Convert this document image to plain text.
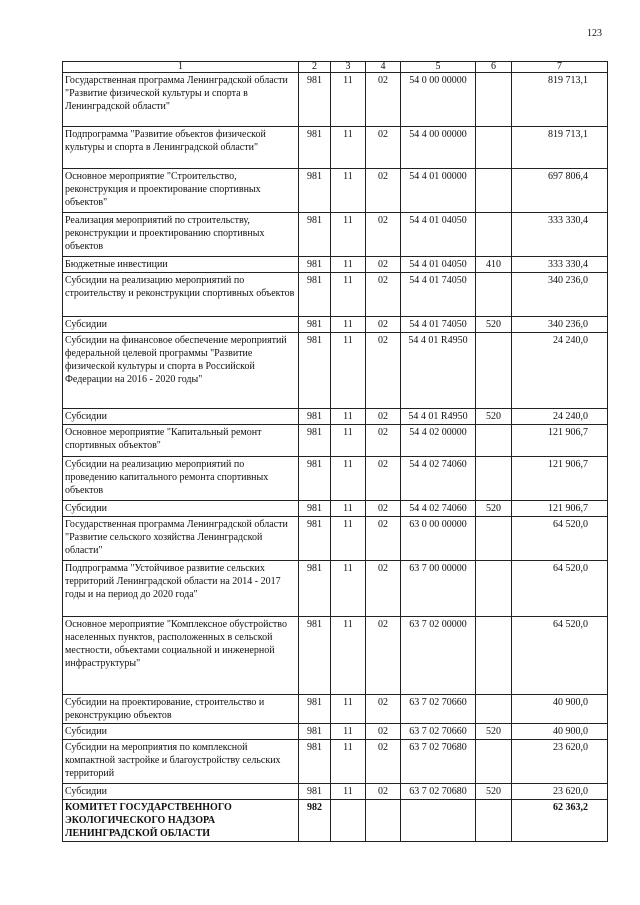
123
1	2	3	4	5	6	7
Государственная программа Ленинградской области "Развитие физической культуры и спорта в Ленинградской области"	981	11	02	54 0 00 00000		819 713,1
Подпрограмма "Развитие объектов физической культуры и спорта в Ленинградской области"	981	11	02	54 4 00 00000		819 713,1
Основное мероприятие "Строительство, реконструкция и проектирование спортивных объектов"	981	11	02	54 4 01 00000		697 806,4
Реализация мероприятий по строительству, реконструкции и проектированию спортивных объектов	981	11	02	54 4 01 04050		333 330,4
Бюджетные инвестиции	981	11	02	54 4 01 04050	410	333 330,4
Субсидии на реализацию мероприятий по строительству и реконструкции спортивных объектов	981	11	02	54 4 01 74050		340 236,0
Субсидии	981	11	02	54 4 01 74050	520	340 236,0
Субсидии на финансовое обеспечение мероприятий федеральной целевой программы "Развитие физической культуры и спорта в Российской Федерации на 2016 - 2020 годы"	981	11	02	54 4 01 R4950		24 240,0
Субсидии	981	11	02	54 4 01 R4950	520	24 240,0
Основное мероприятие "Капитальный ремонт спортивных объектов"	981	11	02	54 4 02 00000		121 906,7
Субсидии на реализацию мероприятий по проведению капитального ремонта спортивных объектов	981	11	02	54 4 02 74060		121 906,7
Субсидии	981	11	02	54 4 02 74060	520	121 906,7
Государственная программа Ленинградской области "Развитие сельского хозяйства Ленинградской области"	981	11	02	63 0 00 00000		64 520,0
Подпрограмма "Устойчивое развитие сельских территорий Ленинградской области на 2014 - 2017 годы и на период до 2020 года"	981	11	02	63 7 00 00000		64 520,0
Основное мероприятие "Комплексное обустройство населенных пунктов, расположенных в сельской местности, объектами социальной и инженерной инфраструктуры"	981	11	02	63 7 02 00000		64 520,0
Субсидии на проектирование, строительство и реконструкцию объектов	981	11	02	63 7 02 70660		40 900,0
Субсидии	981	11	02	63 7 02 70660	520	40 900,0
Субсидии на мероприятия по комплексной компактной застройке и благоустройству сельских территорий	981	11	02	63 7 02 70680		23 620,0
Субсидии	981	11	02	63 7 02 70680	520	23 620,0
КОМИТЕТ ГОСУДАРСТВЕННОГО ЭКОЛОГИЧЕСКОГО НАДЗОРА ЛЕНИНГРАДСКОЙ ОБЛАСТИ	982					62 363,2
